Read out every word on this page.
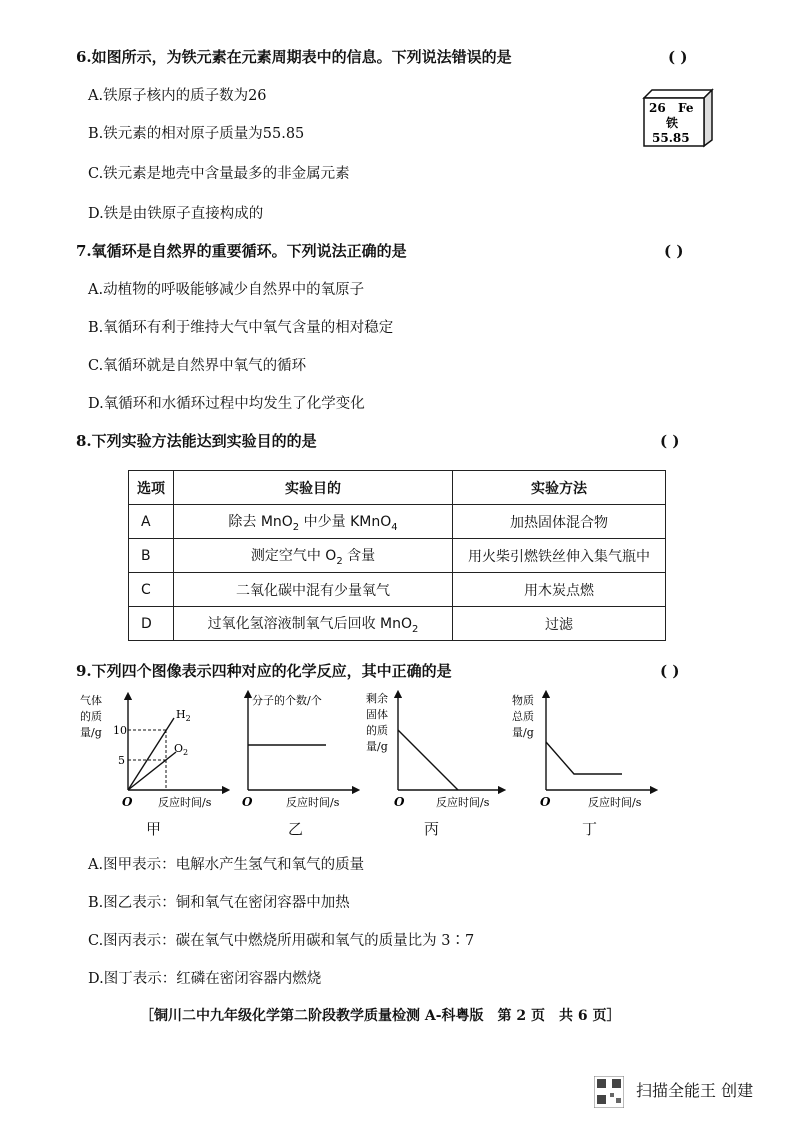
6.如图所示，为铁元素在元素周期表中的信息。下列说法错误的是	( )
A.铁原子核内的质子数为26
B.铁元素的相对原子质量为55.85
C.铁元素是地壳中含量最多的非金属元素
D.铁是由铁原子直接构成的
26 Fe
铁
55.85
7.氧循环是自然界的重要循环。下列说法正确的是	( )
A.动植物的呼吸能够减少自然界中的氧原子
B.氧循环有利于维持大气中氧气含量的相对稳定
C.氧循环就是自然界中氧气的循环
D.氧循环和水循环过程中均发生了化学变化
8.下列实验方法能达到实验目的的是	( )
选项	实验目的	实验方法
A	除去 MnO$_2$ 中少量 KMnO$_4$	加热固体混合物
B	测定空气中 $O_2$ 含量	用火柴引燃铁丝伸入集气瓶中
C	二氧化碳中混有少量氧气	用木炭点燃
D	过氧化氢溶液制氧气后回收 MnO$_2$	过滤
9.下列四个图像表示四种对应的化学反应，其中正确的是	( )
气体
的质
量/g 10
5
$H_2$
$O_2$
O 反应时间/s
甲
分子的个数/个
O	反应时间/s
乙
剩余
固体
的质
量/g
O	反应时间/s
丙
物质
总质
量/g
O	反应时间/s
丁
A.图甲表示：电解水产生氢气和氧气的质量
B.图乙表示：铜和氧气在密闭容器中加热
C.图丙表示：碳在氧气中燃烧所用碳和氧气的质量比为 3∶7
D.图丁表示：红磷在密闭容器内燃烧
［铜川二中九年级化学第二阶段教学质量检测 A-科粤版　第 2 页　共 6 页］
扫描全能王 创建
